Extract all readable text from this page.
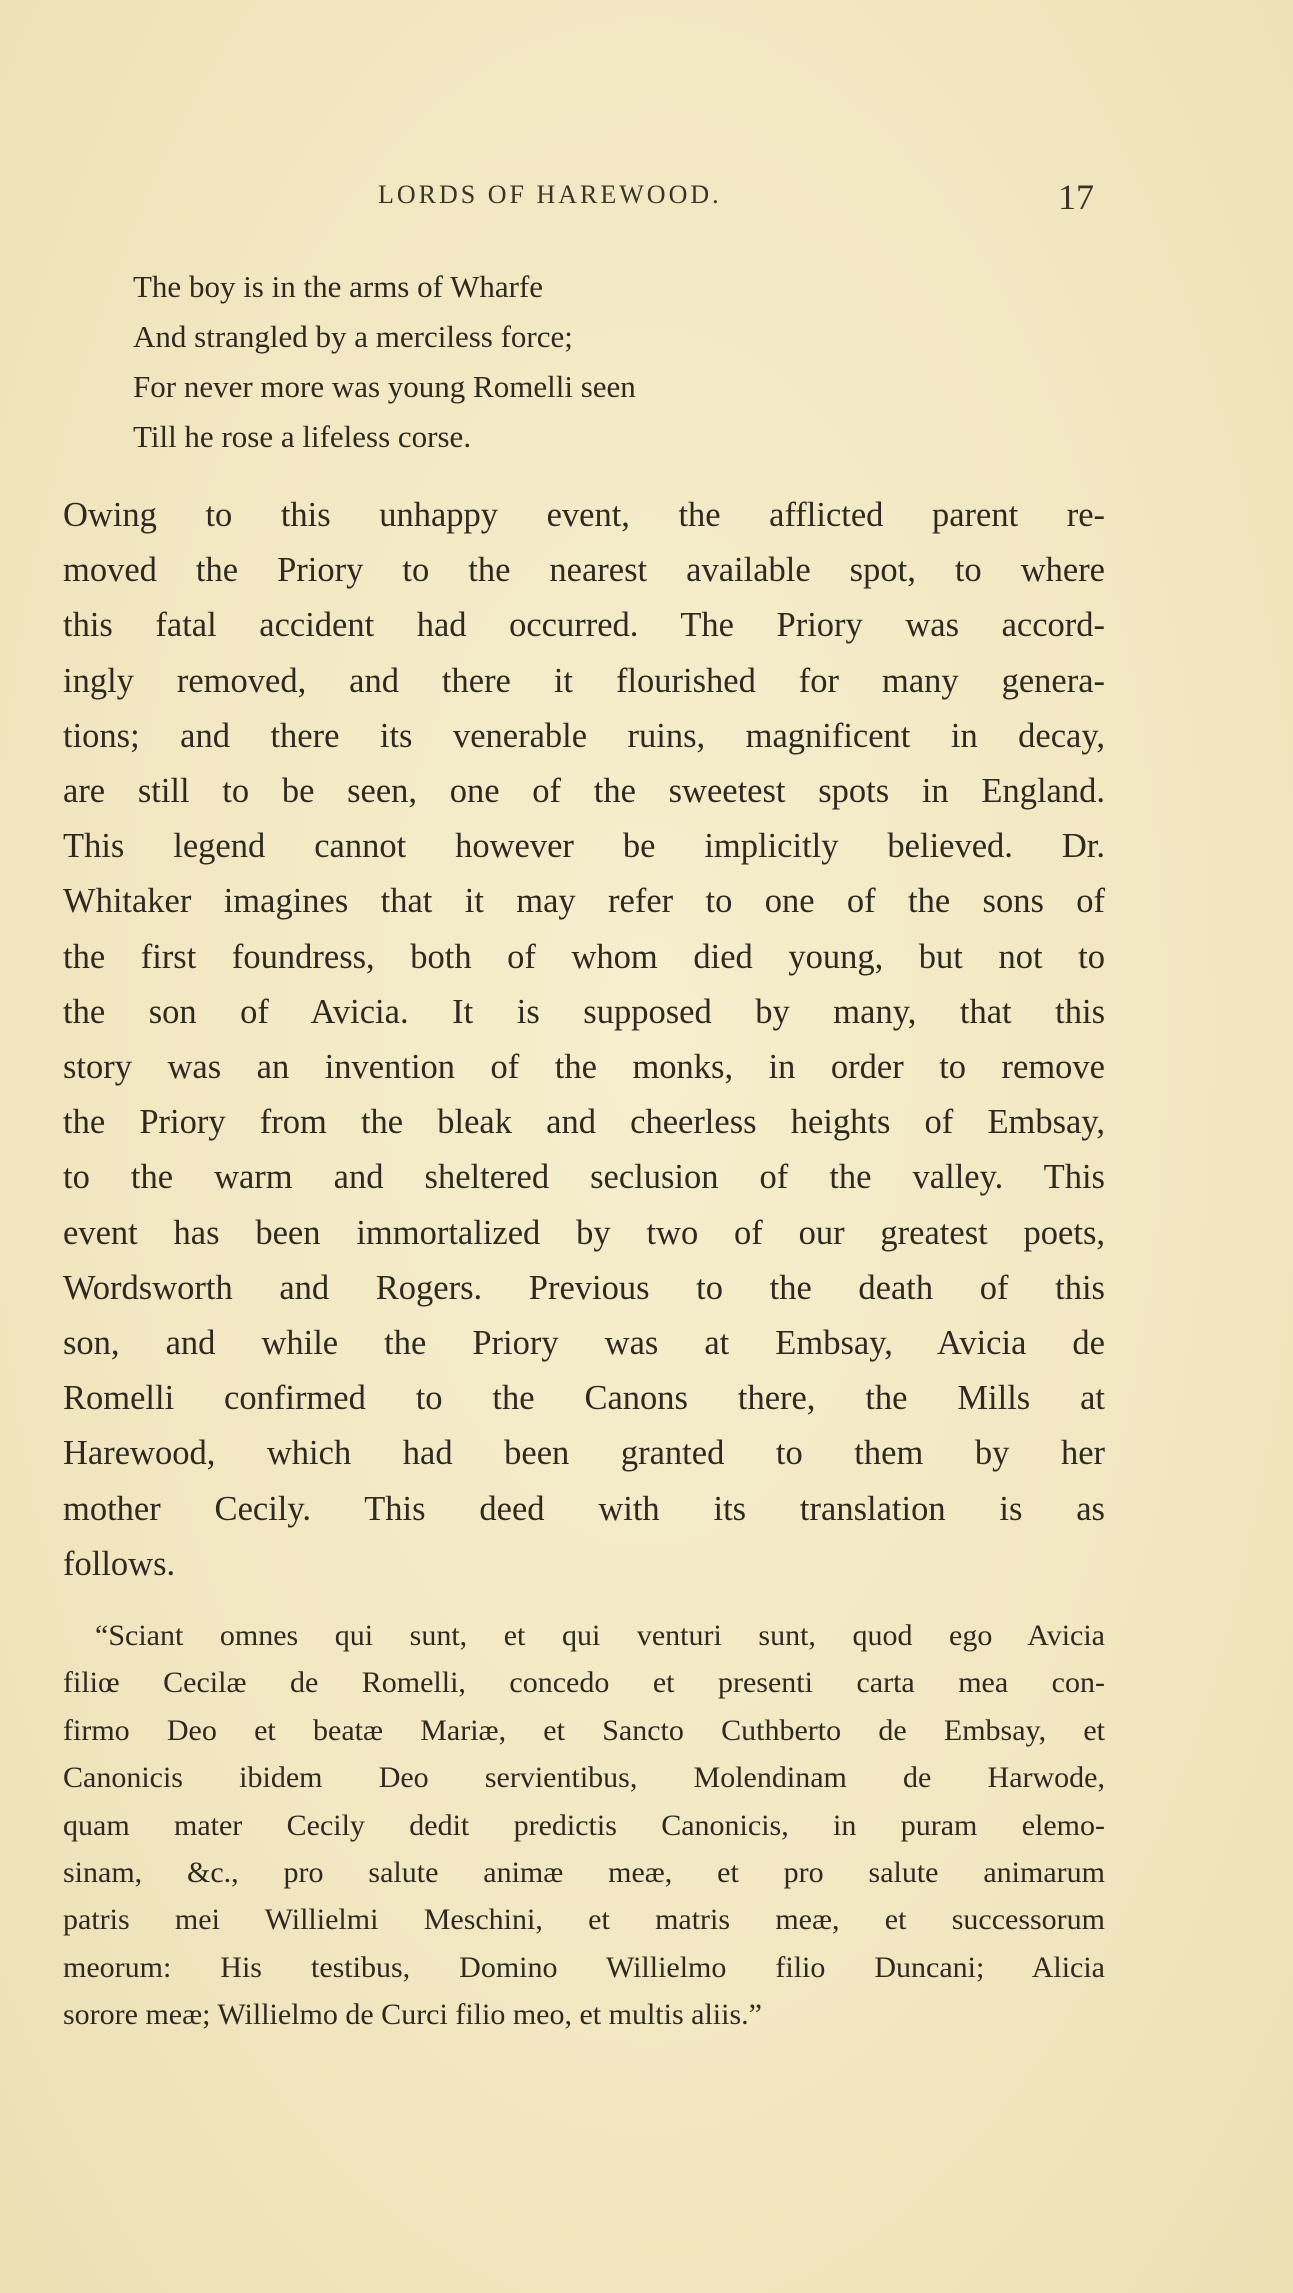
LORDS OF HAREWOOD.	17
The boy is in the arms of Wharfe
And strangled by a merciless force;
For never more was young Romelli seen
Till he rose a lifeless corse.
Owing to this unhappy event, the afflicted parent re-
moved the Priory to the nearest available spot, to where
this fatal accident had occurred. The Priory was accord-
ingly removed, and there it flourished for many genera-
tions; and there its venerable ruins, magnificent in decay,
are still to be seen, one of the sweetest spots in England.
This legend cannot however be implicitly believed. Dr.
Whitaker imagines that it may refer to one of the sons of
the first foundress, both of whom died young, but not to
the son of Avicia. It is supposed by many, that this
story was an invention of the monks, in order to remove
the Priory from the bleak and cheerless heights of Embsay,
to the warm and sheltered seclusion of the valley. This
event has been immortalized by two of our greatest poets,
Wordsworth and Rogers. Previous to the death of this
son, and while the Priory was at Embsay, Avicia de
Romelli confirmed to the Canons there, the Mills at
Harewood, which had been granted to them by her
mother Cecily. This deed with its translation is as
follows.
“Sciant omnes qui sunt, et qui venturi sunt, quod ego Avicia
filiœ Cecilæ de Romelli, concedo et presenti carta mea con-
firmo Deo et beatæ Mariæ, et Sancto Cuthberto de Embsay, et
Canonicis ibidem Deo servientibus, Molendinam de Harwode,
quam mater Cecily dedit predictis Canonicis, in puram elemo-
sinam, &c., pro salute animæ meæ, et pro salute animarum
patris mei Willielmi Meschini, et matris meæ, et successorum
meorum: His testibus, Domino Willielmo filio Duncani; Alicia
sorore meæ; Willielmo de Curci filio meo, et multis aliis.”
